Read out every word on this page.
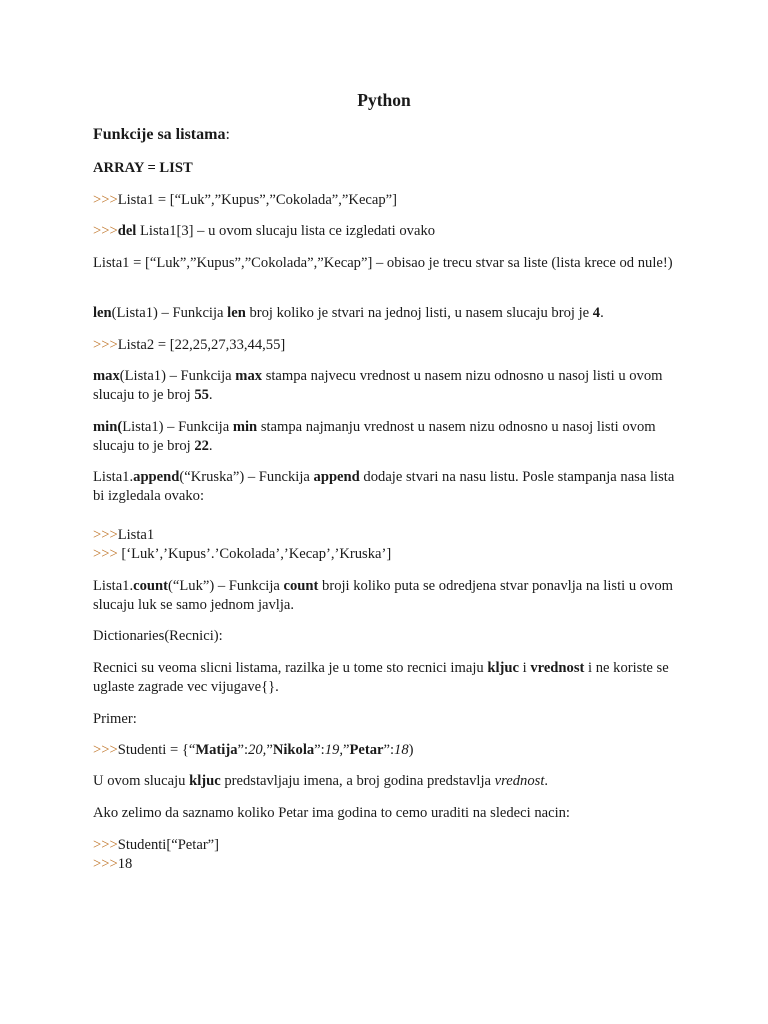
Python
Funkcije sa listama:
ARRAY = LIST
>>>Lista1 = [“Luk”,”Kupus”,”Cokolada”,”Kecap”]
>>>del Lista1[3] – u ovom slucaju lista ce izgledati ovako
Lista1 = [“Luk”,”Kupus”,”Cokolada”,”Kecap”] – obisao je trecu stvar sa liste (lista krece od nule!)
len(Lista1) – Funkcija len broj koliko je stvari na jednoj listi, u nasem slucaju broj je 4.
>>>Lista2 = [22,25,27,33,44,55]
max(Lista1) – Funkcija max stampa najvecu vrednost u nasem nizu odnosno u nasoj listi u ovom slucaju to je broj 55.
min(Lista1) – Funkcija min stampa najmanju vrednost u nasem nizu odnosno u nasoj listi ovom slucaju to je broj 22.
Lista1.append(“Kruska”) – Funckija append dodaje stvari na nasu listu. Posle stampanja nasa lista bi izgledala ovako:
>>>Lista1
>>> [‘Luk’,’Kupus’.’Cokolada’,’Kecap’,’Kruska’]
Lista1.count(“Luk”) – Funkcija count broji koliko puta se odredjena stvar ponavlja na listi u ovom slucaju luk se samo jednom javlja.
Dictionaries(Recnici):
Recnici su veoma slicni listama, razilka je u tome sto recnici imaju kljuc i vrednost i ne koriste se uglaste zagrade vec vijugave{}.
Primer:
>>>Studenti = {“Matija”:20,”Nikola”:19,”Petar”:18)
U ovom slucaju kljuc predstavljaju imena, a broj godina predstavlja vrednost.
Ako zelimo da saznamo koliko Petar ima godina to cemo uraditi na sledeci nacin:
>>>Studenti[“Petar”]
>>>18
